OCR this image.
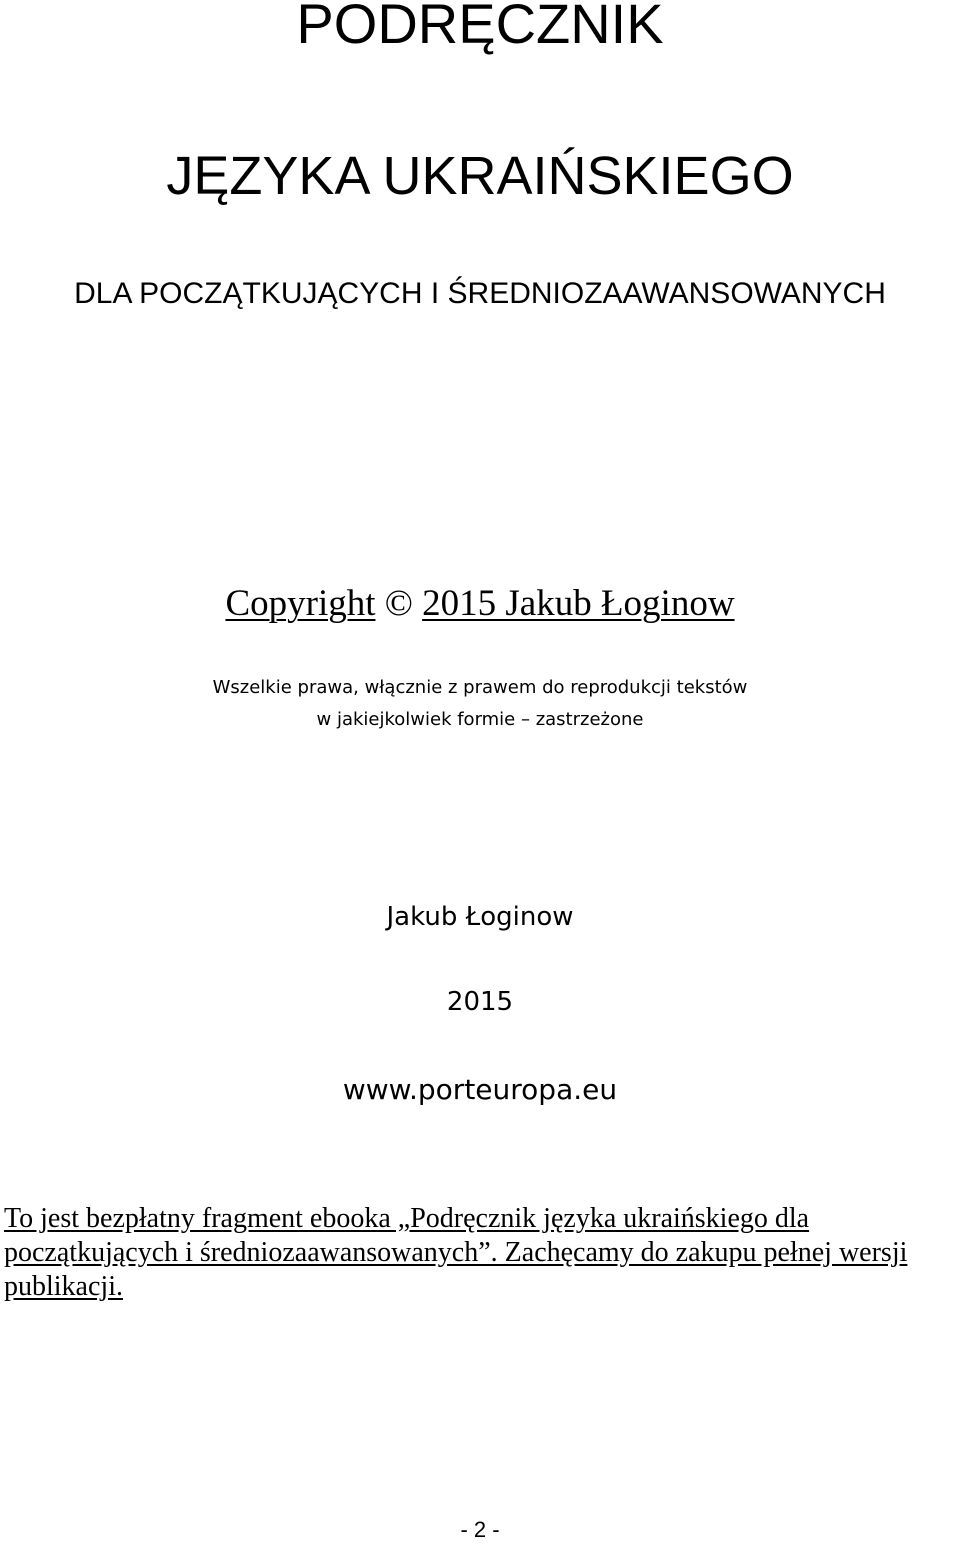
PODRĘCZNIK
JĘZYKA UKRAIŃSKIEGO
DLA POCZĄTKUJĄCYCH I ŚREDNIOZAAWANSOWANYCH
Copyright © 2015 Jakub Łoginow
Wszelkie prawa, włącznie z prawem do reprodukcji tekstów
w jakiejkolwiek formie – zastrzeżone
Jakub Łoginow
2015
www.porteuropa.eu
To jest bezpłatny fragment ebooka „Podręcznik języka ukraińskiego dla
początkujących i średniozaawansowanych”. Zachęcamy do zakupu pełnej wersji
publikacji.
- 2 -
